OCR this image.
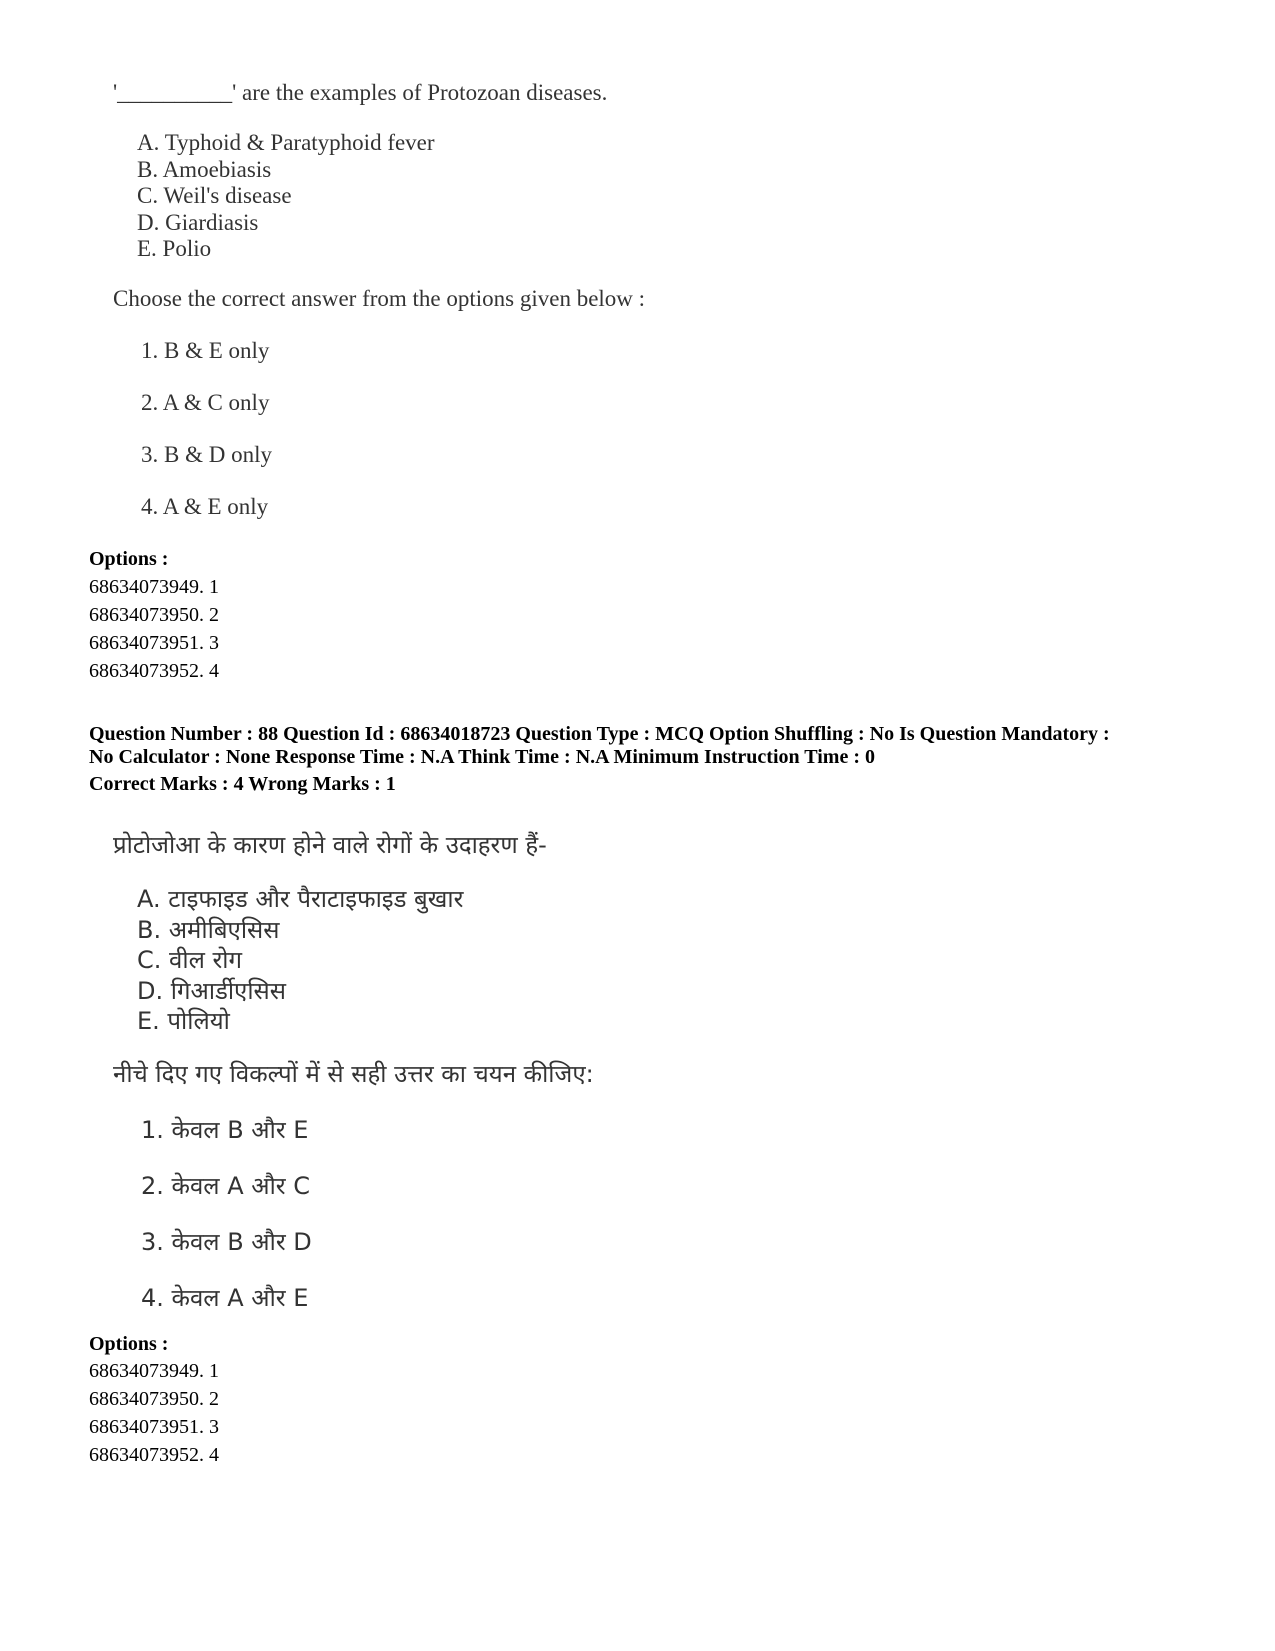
'__________' are the examples of Protozoan diseases.
A. Typhoid & Paratyphoid fever
B. Amoebiasis
C. Weil's disease
D. Giardiasis
E. Polio
Choose the correct answer from the options given below :
1. B & E only
2. A & C only
3. B & D only
4. A & E only
Options :
68634073949. 1
68634073950. 2
68634073951. 3
68634073952. 4
Question Number : 88 Question Id : 68634018723 Question Type : MCQ Option Shuffling : No Is Question Mandatory :
No Calculator : None Response Time : N.A Think Time : N.A Minimum Instruction Time : 0
Correct Marks : 4 Wrong Marks : 1
प्रोटोजोआ के कारण होने वाले रोगों के उदाहरण हैं-
A. टाइफाइड और पैराटाइफाइड बुखार
B. अमीबिएसिस
C. वील रोग
D. गिआर्डीएसिस
E. पोलियो
नीचे दिए गए विकल्पों में से सही उत्तर का चयन कीजिए:
1. केवल B और E
2. केवल A और C
3. केवल B और D
4. केवल A और E
Options :
68634073949. 1
68634073950. 2
68634073951. 3
68634073952. 4
